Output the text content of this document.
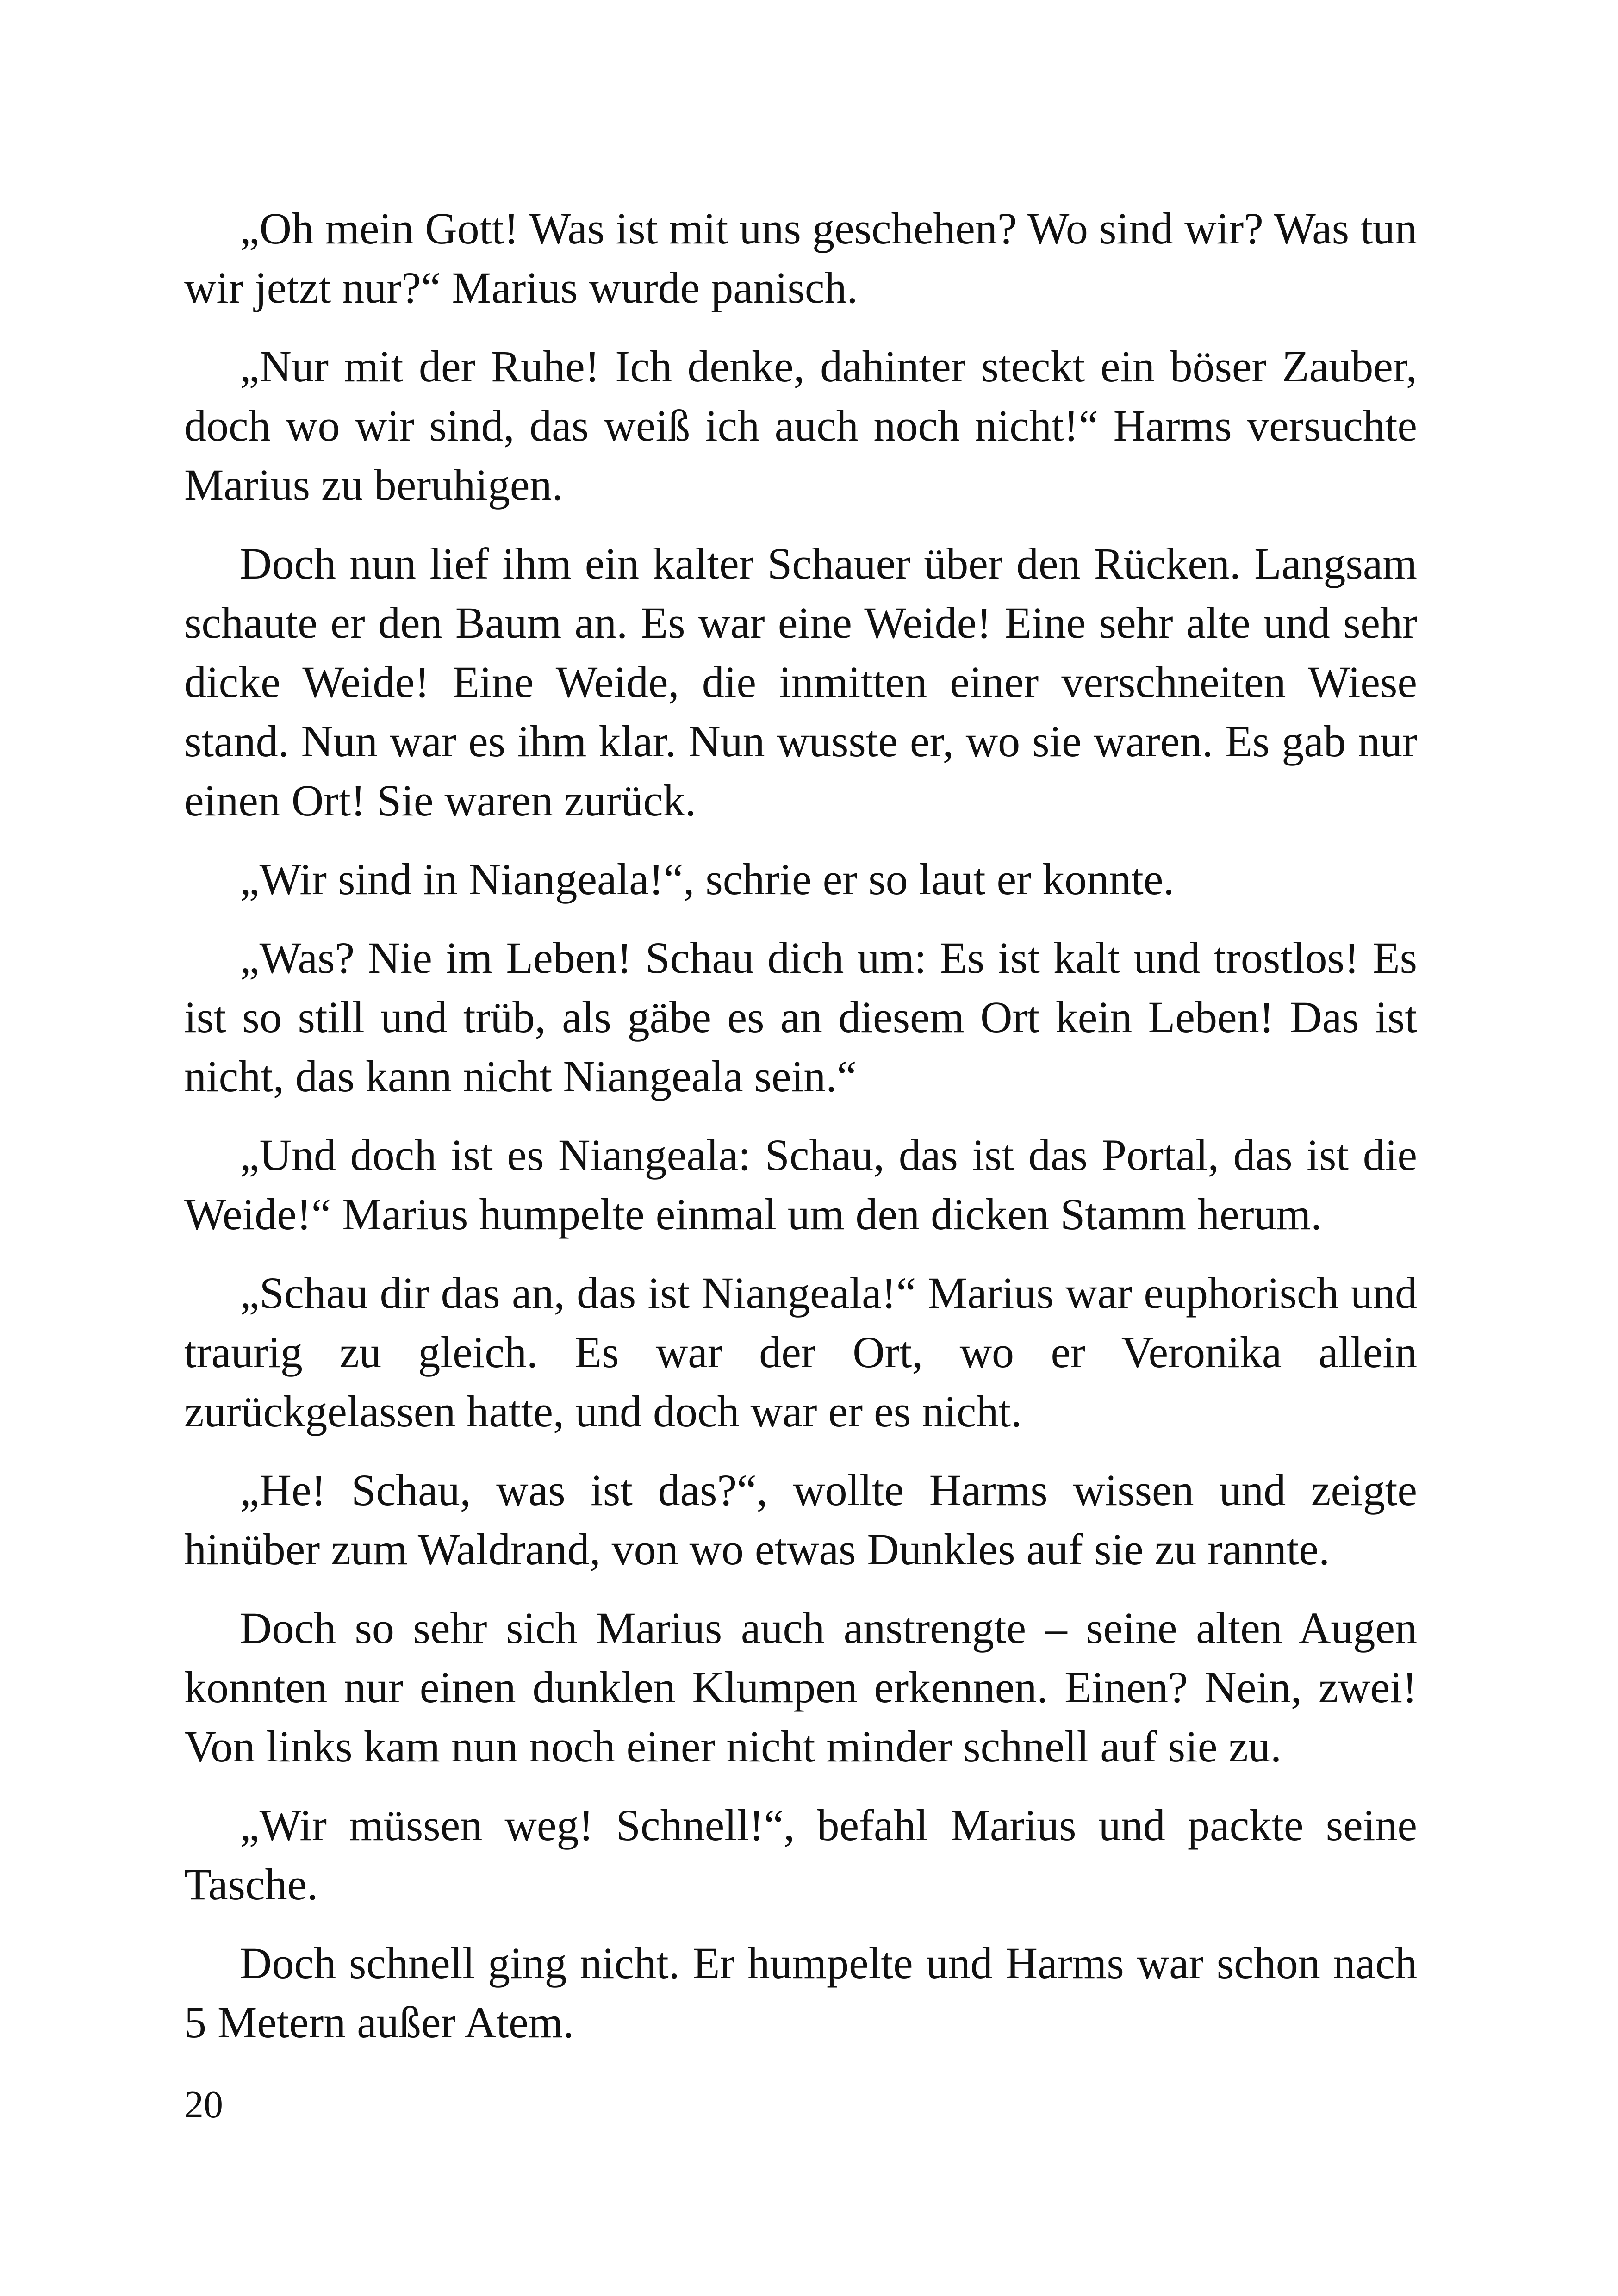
„Oh mein Gott! Was ist mit uns geschehen? Wo sind wir? Was tun wir jetzt nur?“ Marius wurde panisch.

„Nur mit der Ruhe! Ich denke, dahinter steckt ein böser Zauber, doch wo wir sind, das weiß ich auch noch nicht!“ Harms versuchte Marius zu beruhigen.

Doch nun lief ihm ein kalter Schauer über den Rücken. Langsam schaute er den Baum an. Es war eine Weide! Eine sehr alte und sehr dicke Weide! Eine Weide, die inmitten einer verschneiten Wiese stand. Nun war es ihm klar. Nun wusste er, wo sie waren. Es gab nur einen Ort! Sie waren zurück.

„Wir sind in Niangeala!“, schrie er so laut er konnte.

„Was? Nie im Leben! Schau dich um: Es ist kalt und trostlos! Es ist so still und trüb, als gäbe es an diesem Ort kein Leben! Das ist nicht, das kann nicht Niangeala sein.“

„Und doch ist es Niangeala: Schau, das ist das Portal, das ist die Weide!“ Marius humpelte einmal um den dicken Stamm herum.

„Schau dir das an, das ist Niangeala!“ Marius war euphorisch und traurig zu gleich. Es war der Ort, wo er Veronika allein zurückgelassen hatte, und doch war er es nicht.

„He! Schau, was ist das?“, wollte Harms wissen und zeigte hinüber zum Waldrand, von wo etwas Dunkles auf sie zu rannte.

Doch so sehr sich Marius auch anstrengte – seine alten Augen konnten nur einen dunklen Klumpen erkennen. Einen? Nein, zwei! Von links kam nun noch einer nicht minder schnell auf sie zu.

„Wir müssen weg! Schnell!“, befahl Marius und packte seine Tasche.

Doch schnell ging nicht. Er humpelte und Harms war schon nach 5 Metern außer Atem.

20
